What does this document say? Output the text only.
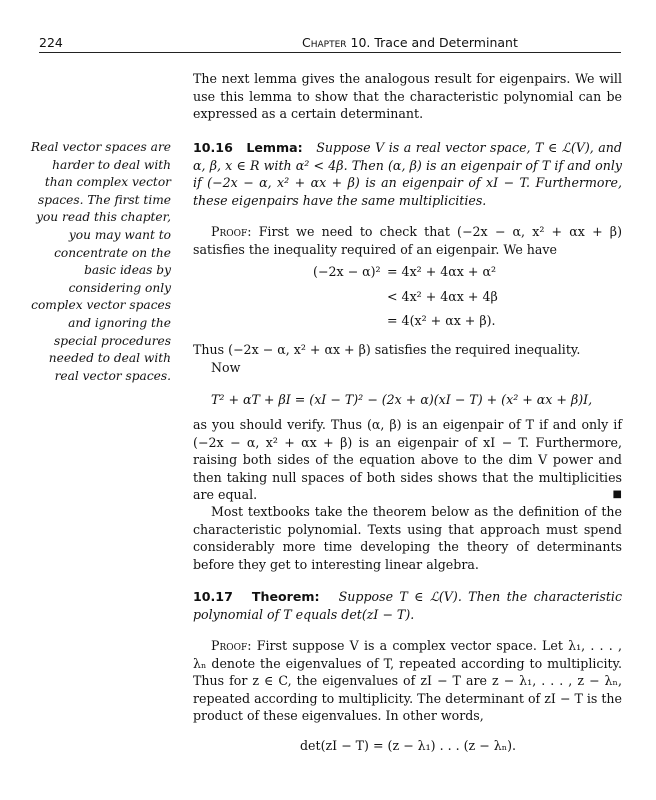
224	Chapter 10. Trace and Determinant
The next lemma gives the analogous result for eigenpairs. We will use this lemma to show that the characteristic polynomial can be expressed as a certain determinant.
Real vector spaces are
harder to deal with
than complex vector
spaces. The first time
you read this chapter,
you may want to
concentrate on the
basic ideas by
considering only
complex vector spaces
and ignoring the
special procedures
needed to deal with
real vector spaces.
10.16 Lemma: Suppose V is a real vector space, T ∈ ℒ(V), and α, β, x ∈ R with α² < 4β. Then (α, β) is an eigenpair of T if and only if (−2x − α, x² + αx + β) is an eigenpair of xI − T. Furthermore, these eigenpairs have the same multiplicities.
Proof: First we need to check that (−2x − α, x² + αx + β) satisfies the inequality required of an eigenpair. We have
(−2x − α)² = 4x² + 4αx + α²
< 4x² + 4αx + 4β
= 4(x² + αx + β).
Thus (−2x − α, x² + αx + β) satisfies the required inequality.
Now
T² + αT + βI = (xI − T)² − (2x + α)(xI − T) + (x² + αx + β)I,
as you should verify. Thus (α, β) is an eigenpair of T if and only if (−2x − α, x² + αx + β) is an eigenpair of xI − T. Furthermore, raising both sides of the equation above to the dim V power and then taking null spaces of both sides shows that the multiplicities are equal.	■
Most textbooks take the theorem below as the definition of the characteristic polynomial. Texts using that approach must spend considerably more time developing the theory of determinants before they get to interesting linear algebra.
10.17 Theorem: Suppose T ∈ ℒ(V). Then the characteristic polynomial of T equals det(zI − T).
Proof: First suppose V is a complex vector space. Let λ₁, . . . , λₙ denote the eigenvalues of T, repeated according to multiplicity. Thus for z ∈ C, the eigenvalues of zI − T are z − λ₁, . . . , z − λₙ, repeated according to multiplicity. The determinant of zI − T is the product of these eigenvalues. In other words,
det(zI − T) = (z − λ₁) . . . (z − λₙ).
